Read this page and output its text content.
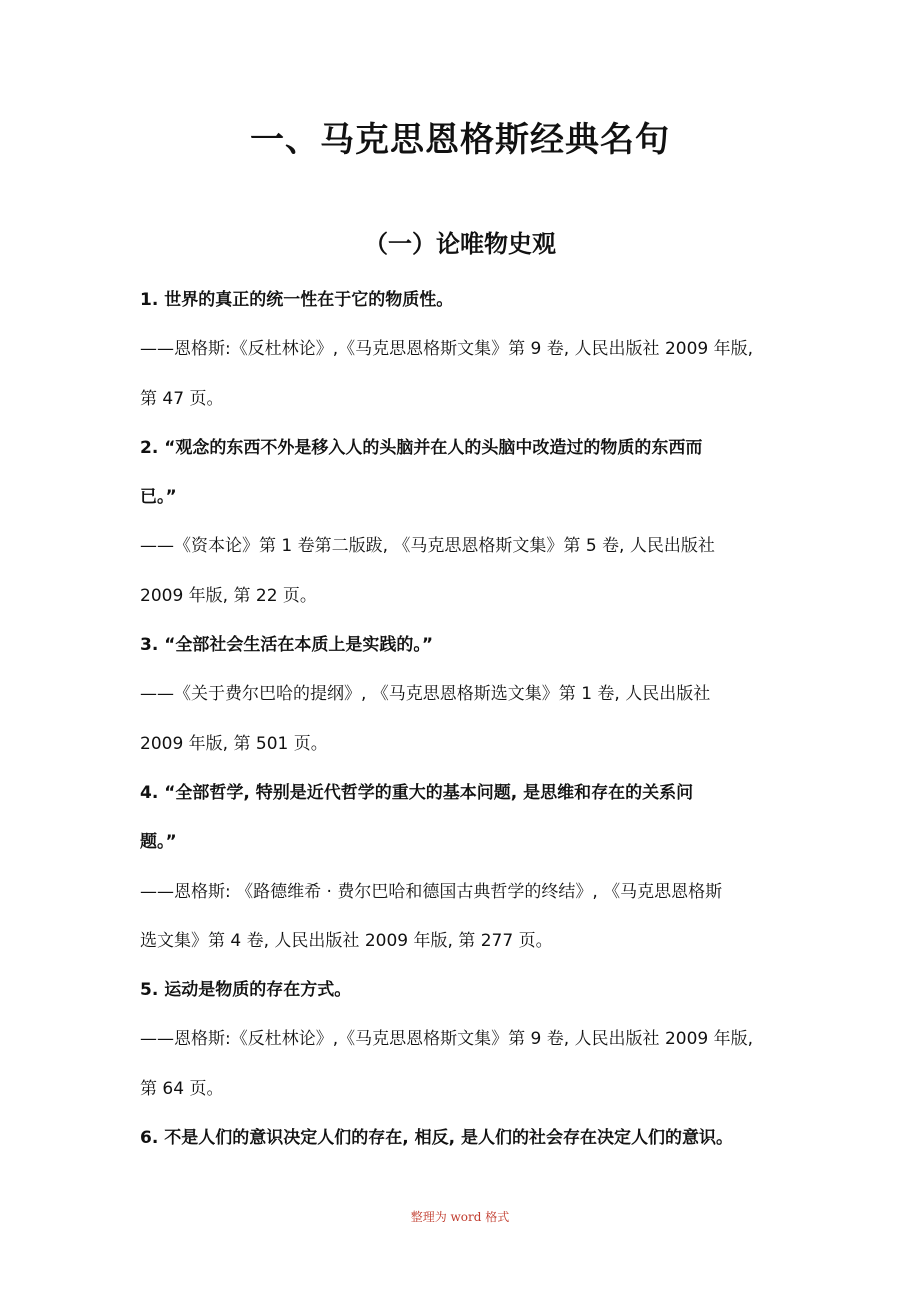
一、马克思恩格斯经典名句
（一）论唯物史观
1. 世界的真正的统一性在于它的物质性。
——恩格斯:《反杜林论》,《马克思恩格斯文集》第 9 卷, 人民出版社 2009 年版,
第 47 页。
2. “观念的东西不外是移入人的头脑并在人的头脑中改造过的物质的东西而
已。”
——《资本论》第 1 卷第二版跋, 《马克思恩格斯文集》第 5 卷, 人民出版社
2009 年版, 第 22 页。
3. “全部社会生活在本质上是实践的。”
——《关于费尔巴哈的提纲》, 《马克思恩格斯选文集》第 1 卷, 人民出版社
2009 年版, 第 501 页。
4. “全部哲学, 特别是近代哲学的重大的基本问题, 是思维和存在的关系问
题。”
——恩格斯: 《路德维希 · 费尔巴哈和德国古典哲学的终结》, 《马克思恩格斯
选文集》第 4 卷, 人民出版社 2009 年版, 第 277 页。
5. 运动是物质的存在方式。
——恩格斯:《反杜林论》,《马克思恩格斯文集》第 9 卷, 人民出版社 2009 年版,
第 64 页。
6. 不是人们的意识决定人们的存在, 相反, 是人们的社会存在决定人们的意识。
整理为 word 格式
